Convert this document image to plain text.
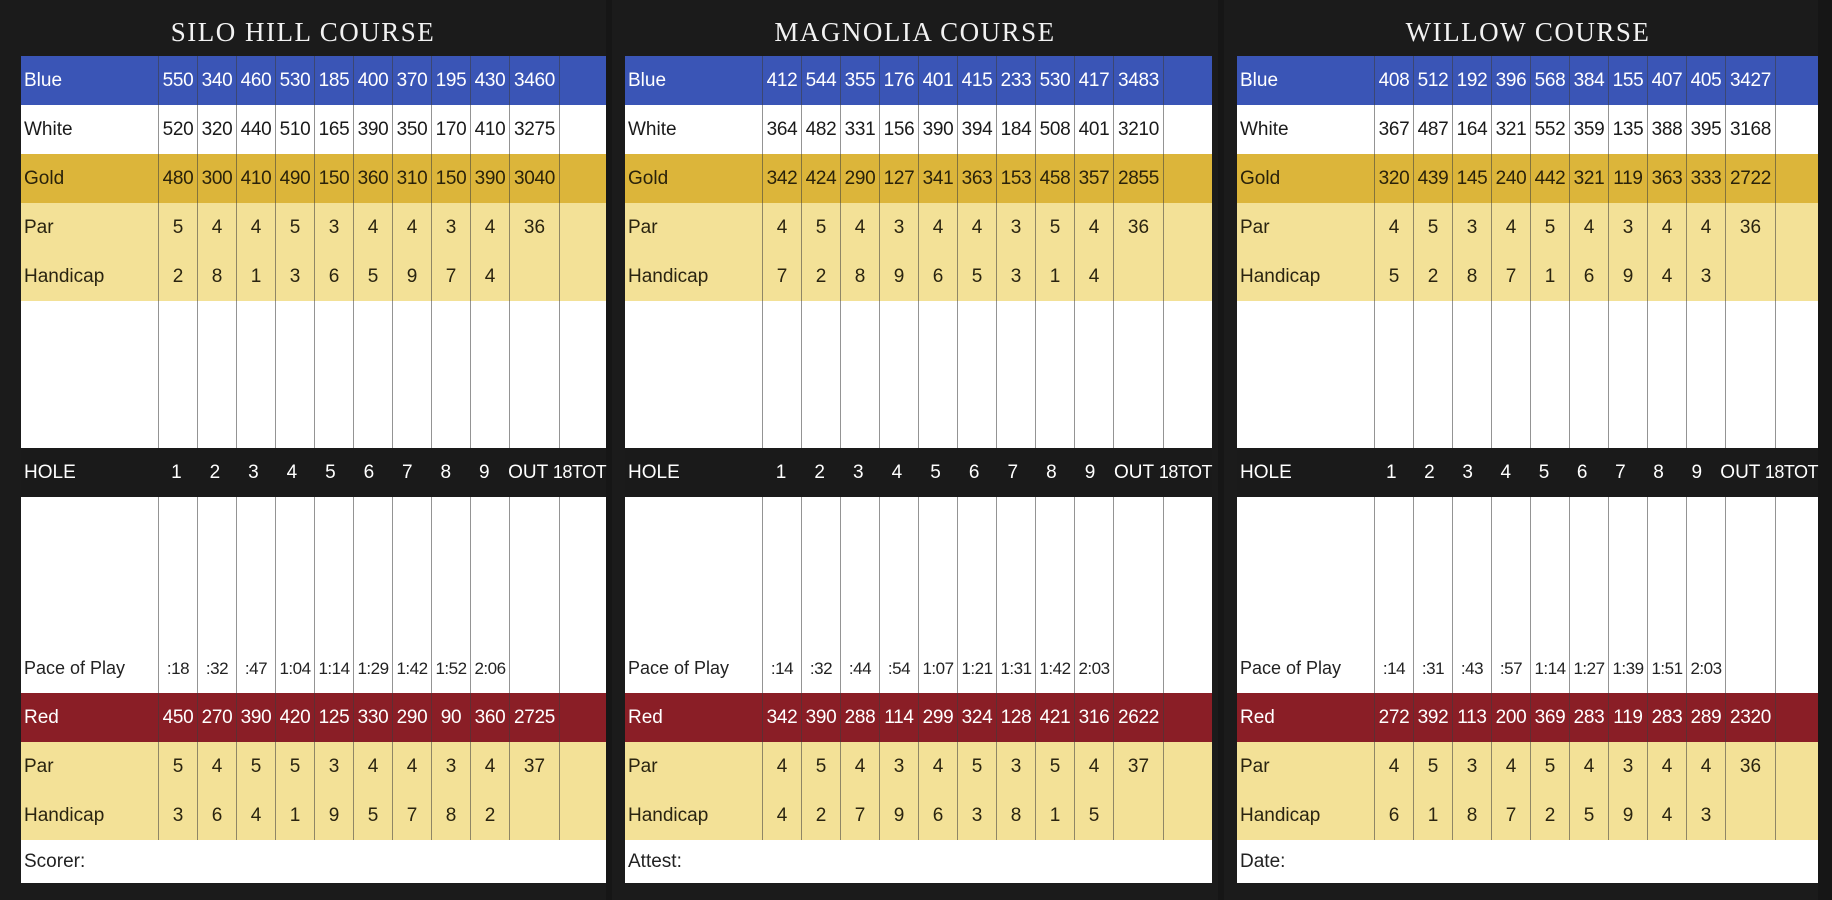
SILO HILL COURSE
Blue	550 340 460 530 185 400 370 195 430 3460
White	520 320 440 510 165 390 350 170 410 3275
Gold	480 300 410 490 150 360 310 150 390 3040
Par	5	4	4	5	3	4	4	3	4	36
Handicap	2	8	1	3	6	5	9	7	4
HOLE	1	2	3	4	5	6	7	8	9 OUT 18TOT
Pace of Play	:18 :32 :47 1:04 1:14 1:29 1:42 1:52 2:06
Red	450 270 390 420 125 330 290 90 360 2725
Par	5	4	5	5	3	4	4	3	4	37
Handicap	3	6	4	1	9	5	7	8	2
Scorer:
MAGNOLIA COURSE
Blue	412 544 355 176 401 415 233 530 417 3483
White	364 482 331 156 390 394 184 508 401 3210
Gold	342 424 290 127 341 363 153 458 357 2855
Par	4	5	4	3	4	4	3	5	4	36
Handicap	7	2	8	9	6	5	3	1	4
HOLE	1	2	3	4	5	6	7	8	9 OUT 18TOT
Pace of Play	:14 :32 :44 :54 1:07 1:21 1:31 1:42 2:03
Red	342 390 288 114 299 324 128 421 316 2622
Par	4	5	4	3	4	5	3	5	4	37
Handicap	4	2	7	9	6	3	8	1	5
Attest:
WILLOW COURSE
Blue	408 512 192 396 568 384 155 407 405 3427
White	367 487 164 321 552 359 135 388 395 3168
Gold	320 439 145 240 442 321 119 363 333 2722
Par	4	5	3	4	5	4	3	4	4	36
Handicap	5	2	8	7	1	6	9	4	3
HOLE	1	2	3	4	5	6	7	8	9 OUT 18TOT
Pace of Play	:14 :31 :43 :57 1:14 1:27 1:39 1:51 2:03
Red	272 392 113 200 369 283 119 283 289 2320
Par	4	5	3	4	5	4	3	4	4	36
Handicap	6	1	8	7	2	5	9	4	3
Date:
